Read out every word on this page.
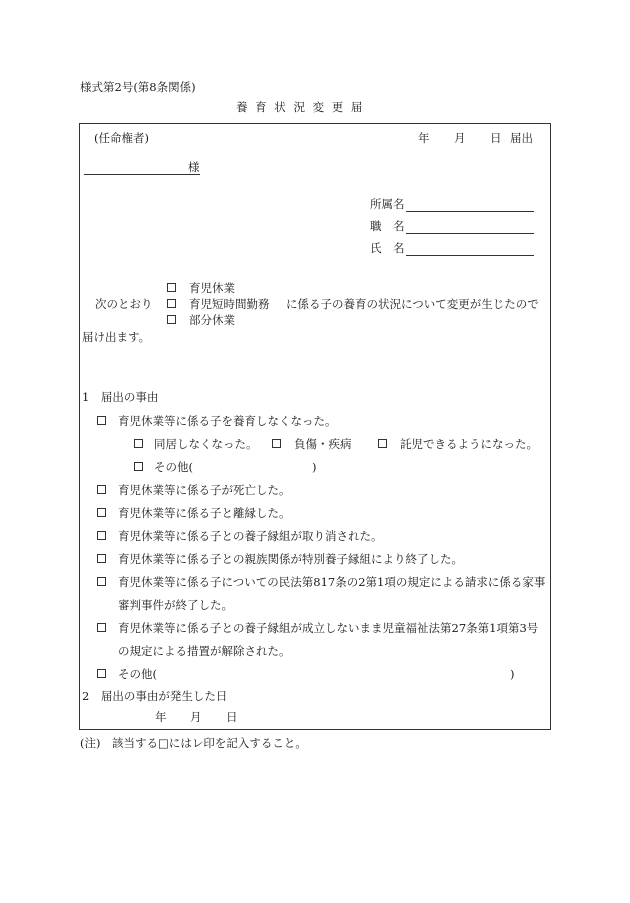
様式第2号(第8条関係)
養 育 状 況 変 更 届
(任命権者)	年 月 日 届出
様
所属名
職　名
氏　名
育児休業
次のとおり	育児短時間勤務 に係る子の養育の状況について変更が生じたので
部分休業
届け出ます。
1　届出の事由
育児休業等に係る子を養育しなくなった。
同居しなくなった。	負傷・疾病	託児できるようになった。
その他(	)
育児休業等に係る子が死亡した。
育児休業等に係る子と離縁した。
育児休業等に係る子との養子縁組が取り消された。
育児休業等に係る子との親族関係が特別養子縁組により終了した。
育児休業等に係る子についての民法第817条の2第1項の規定による請求に係る家事
審判事件が終了した。
育児休業等に係る子との養子縁組が成立しないまま児童福祉法第27条第1項第3号
の規定による措置が解除された。
その他(	)
2　届出の事由が発生した日
年 月 日
(注)　該当する□にはレ印を記入すること。
